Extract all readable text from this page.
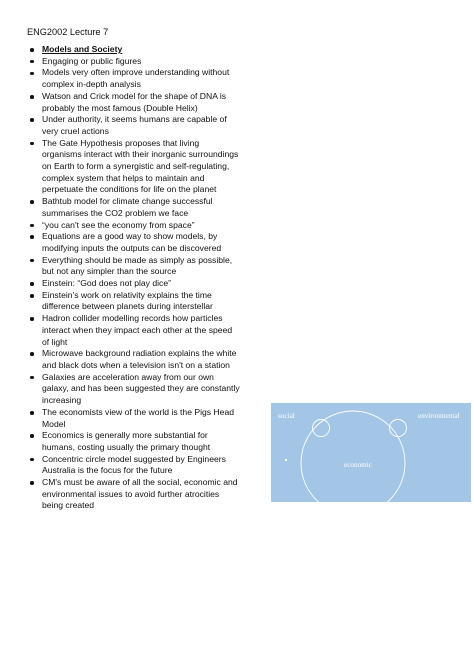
ENG2002 Lecture 7
Models and Society
Engaging or public figures
Models very often improve understanding without complex in-depth analysis
Watson and Crick model for the shape of DNA is probably the most famous (Double Helix)
Under authority, it seems humans are capable of very cruel actions
The Gate Hypothesis proposes that living organisms interact with their inorganic surroundings on Earth to form a synergistic and self-regulating, complex system that helps to maintain and perpetuate the conditions for life on the planet
Bathtub model for climate change successful summarises the CO2 problem we face
“you can't see the economy from space”
Equations are a good way to show models, by modifying inputs the outputs can be discovered
Everything should be made as simply as possible, but not any simpler than the source
Einstein: “God does not play dice”
Einstein's work on relativity explains the time difference between planets during interstellar
Hadron collider modelling records how particles interact when they impact each other at the speed of light
Microwave background radiation explains the white and black dots when a television isn't on a station
Galaxies are acceleration away from our own galaxy, and has been suggested they are constantly increasing
The economists view of the world is the Pigs Head Model
Economics is generally more substantial for humans, costing usually the primary thought
Concentric circle model suggested by Engineers Australia is the focus for the future
CM's must be aware of all the social, economic and environmental issues to avoid further atrocities being created
social	environmental
economic
